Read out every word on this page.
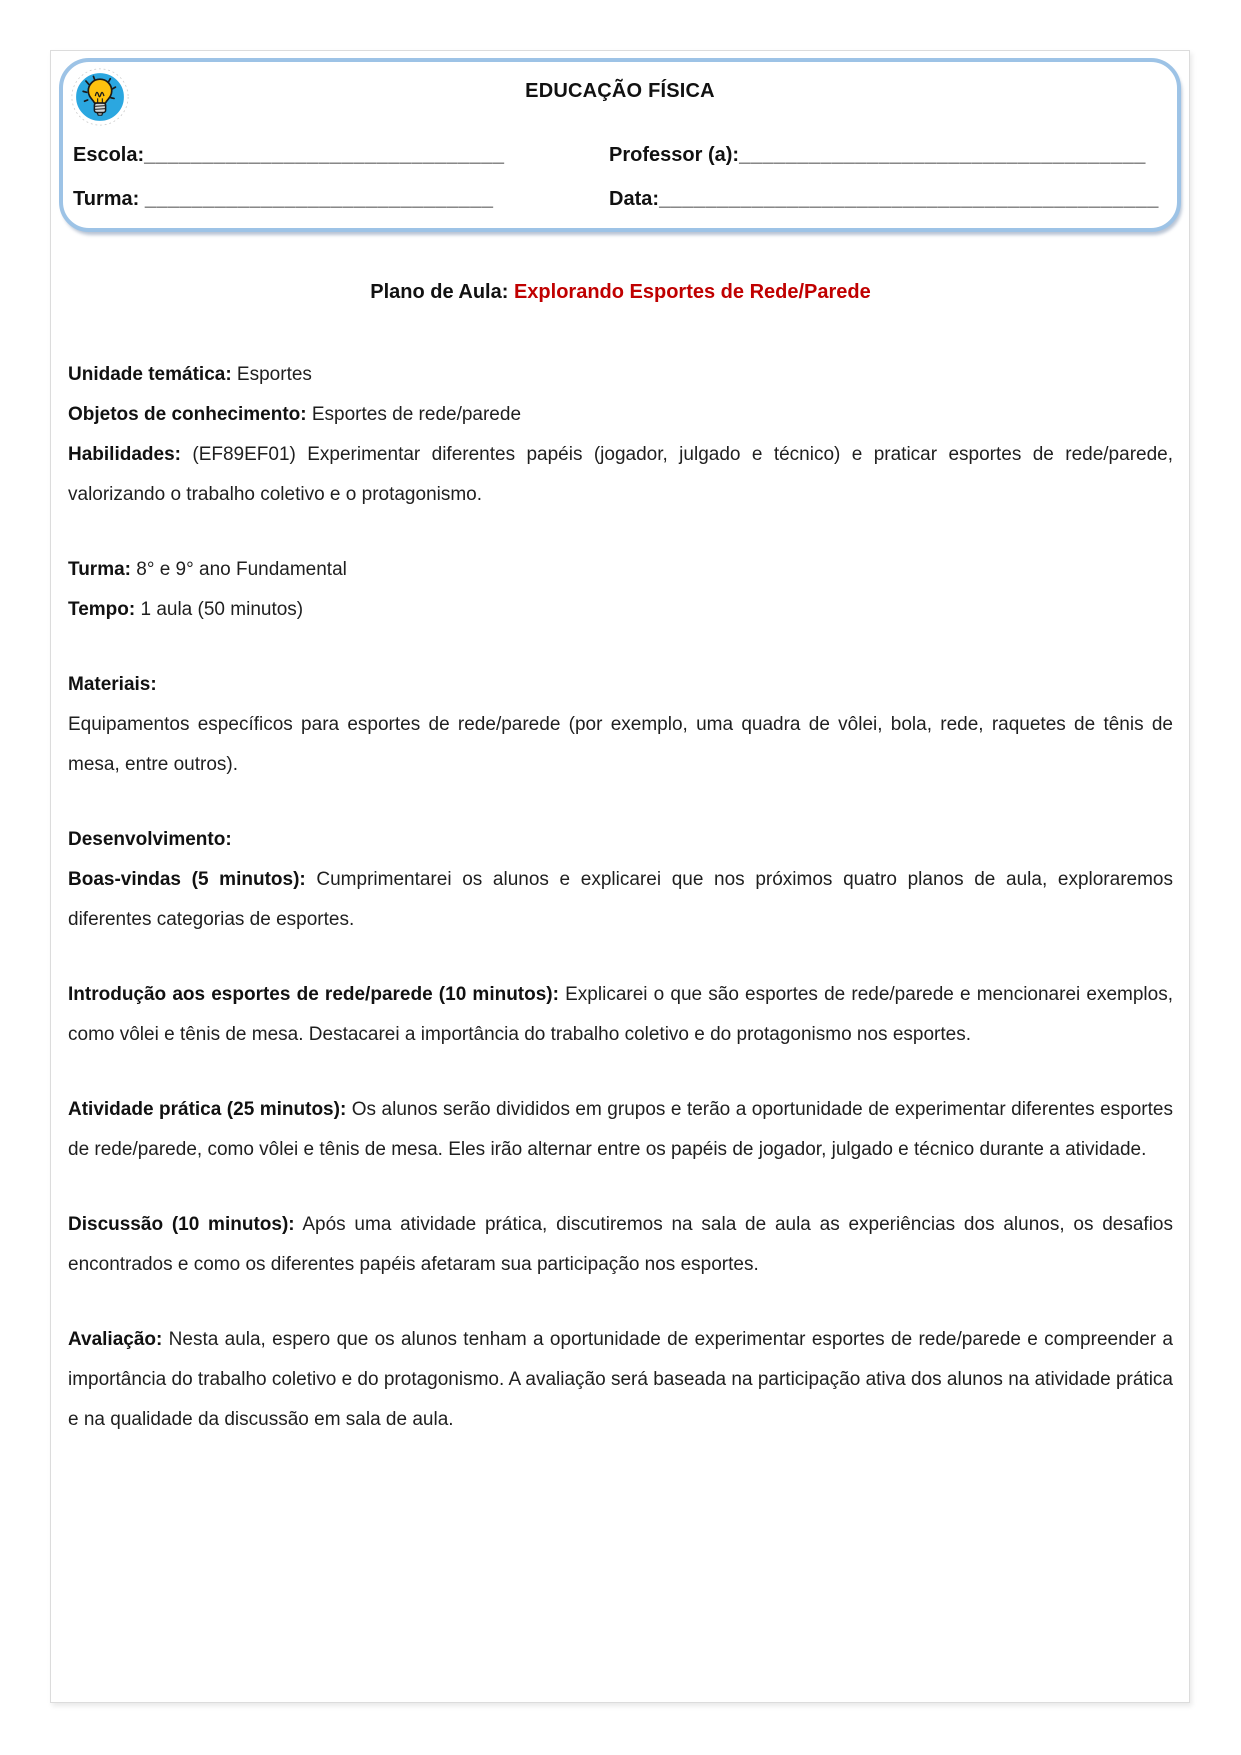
EDUCAÇÃO FÍSICA
Escola:_______________________________	Professor (a):___________________________________
Turma: ______________________________	Data:___________________________________________
Plano de Aula: Explorando Esportes de Rede/Parede

Unidade temática: Esportes

Objetos de conhecimento: Esportes de rede/parede

Habilidades: (EF89EF01) Experimentar diferentes papéis (jogador, julgado e técnico) e praticar esportes de rede/parede, valorizando o trabalho coletivo e o protagonismo.

Turma: 8° e 9° ano Fundamental

Tempo: 1 aula (50 minutos)

Materiais:

Equipamentos específicos para esportes de rede/parede (por exemplo, uma quadra de vôlei, bola, rede, raquetes de tênis de mesa, entre outros).

Desenvolvimento:

Boas-vindas (5 minutos): Cumprimentarei os alunos e explicarei que nos próximos quatro planos de aula, exploraremos diferentes categorias de esportes.

Introdução aos esportes de rede/parede (10 minutos): Explicarei o que são esportes de rede/parede e mencionarei exemplos, como vôlei e tênis de mesa. Destacarei a importância do trabalho coletivo e do protagonismo nos esportes.

Atividade prática (25 minutos): Os alunos serão divididos em grupos e terão a oportunidade de experimentar diferentes esportes de rede/parede, como vôlei e tênis de mesa. Eles irão alternar entre os papéis de jogador, julgado e técnico durante a atividade.

Discussão (10 minutos): Após uma atividade prática, discutiremos na sala de aula as experiências dos alunos, os desafios encontrados e como os diferentes papéis afetaram sua participação nos esportes.

Avaliação: Nesta aula, espero que os alunos tenham a oportunidade de experimentar esportes de rede/parede e compreender a importância do trabalho coletivo e do protagonismo. A avaliação será baseada na participação ativa dos alunos na atividade prática e na qualidade da discussão em sala de aula.
